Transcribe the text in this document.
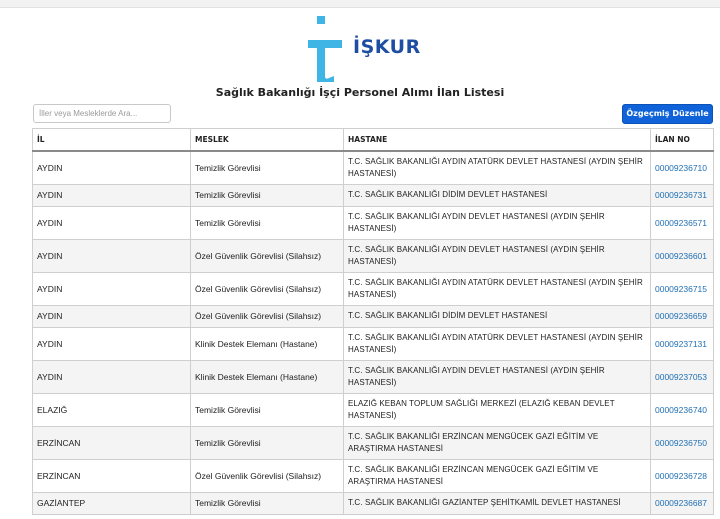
İŞKUR
Sağlık Bakanlığı İşçi Personel Alımı İlan Listesi
İller veya Mesleklerde Ara...
Özgeçmiş Düzenle
İL	MESLEK	HASTANE	İLAN NO
AYDIN	Temizlik Görevlisi	T.C. SAĞLIK BAKANLIĞI AYDIN ATATÜRK DEVLET HASTANESİ (AYDIN ŞEHİR HASTANESİ)	00009236710
AYDIN	Temizlik Görevlisi	T.C. SAĞLIK BAKANLIĞI DİDİM DEVLET HASTANESİ	00009236731
AYDIN	Temizlik Görevlisi	T.C. SAĞLIK BAKANLIĞI AYDIN DEVLET HASTANESİ (AYDIN ŞEHİR HASTANESİ)	00009236571
AYDIN	Özel Güvenlik Görevlisi (Silahsız)	T.C. SAĞLIK BAKANLIĞI AYDIN DEVLET HASTANESİ (AYDIN ŞEHİR HASTANESİ)	00009236601
AYDIN	Özel Güvenlik Görevlisi (Silahsız)	T.C. SAĞLIK BAKANLIĞI AYDIN ATATÜRK DEVLET HASTANESİ (AYDIN ŞEHİR HASTANESİ)	00009236715
AYDIN	Özel Güvenlik Görevlisi (Silahsız)	T.C. SAĞLIK BAKANLIĞI DİDİM DEVLET HASTANESİ	00009236659
AYDIN	Klinik Destek Elemanı (Hastane)	T.C. SAĞLIK BAKANLIĞI AYDIN ATATÜRK DEVLET HASTANESİ (AYDIN ŞEHİR HASTANESİ)	00009237131
AYDIN	Klinik Destek Elemanı (Hastane)	T.C. SAĞLIK BAKANLIĞI AYDIN DEVLET HASTANESİ (AYDIN ŞEHİR HASTANESİ)	00009237053
ELAZIĞ	Temizlik Görevlisi	ELAZIĞ KEBAN TOPLUM SAĞLIĞI MERKEZİ (ELAZIĞ KEBAN DEVLET HASTANESİ)	00009236740
ERZİNCAN	Temizlik Görevlisi	T.C. SAĞLIK BAKANLIĞI ERZİNCAN MENGÜCEK GAZİ EĞİTİM VE ARAŞTIRMA HASTANESİ	00009236750
ERZİNCAN	Özel Güvenlik Görevlisi (Silahsız)	T.C. SAĞLIK BAKANLIĞI ERZİNCAN MENGÜCEK GAZİ EĞİTİM VE ARAŞTIRMA HASTANESİ	00009236728
GAZİANTEP	Temizlik Görevlisi	T.C. SAĞLIK BAKANLIĞI GAZİANTEP ŞEHİTKAMİL DEVLET HASTANESİ	00009236687
